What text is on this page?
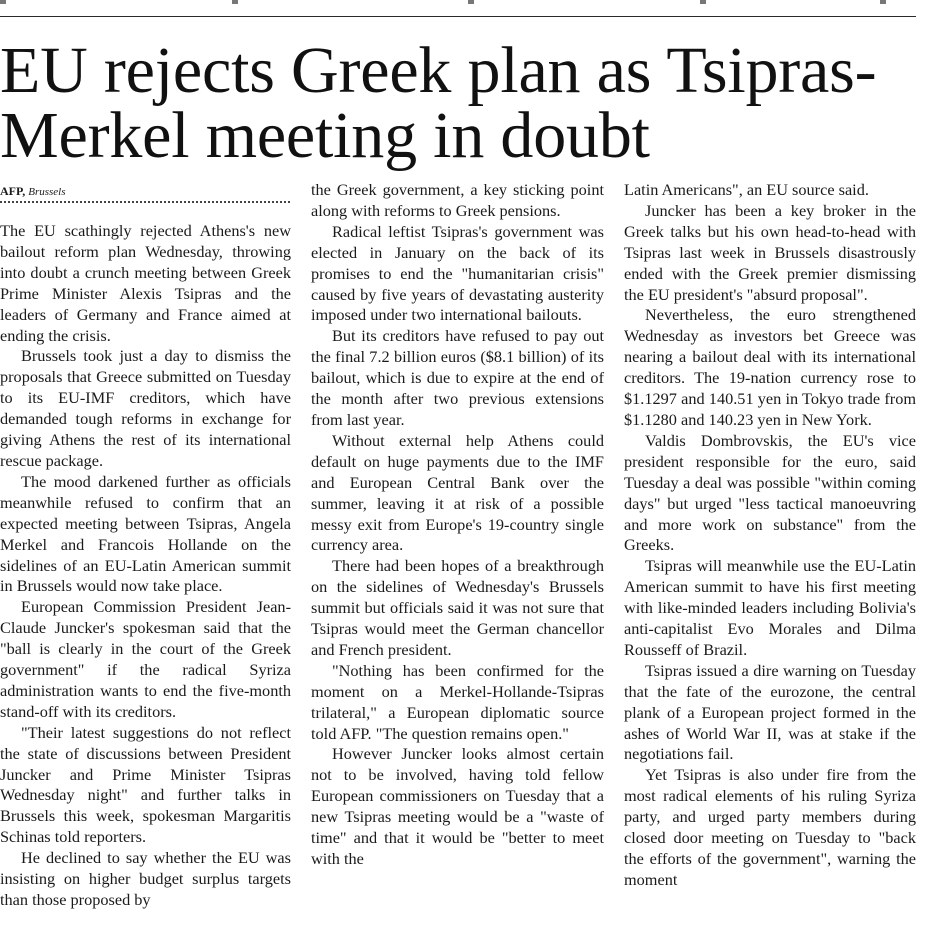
EU rejects Greek plan as Tsipras-Merkel meeting in doubt
AFP, Brussels

The EU scathingly rejected Athens's new bailout reform plan Wednesday, throwing into doubt a crunch meeting between Greek Prime Minister Alexis Tsipras and the leaders of Germany and France aimed at ending the crisis.

Brussels took just a day to dismiss the proposals that Greece submitted on Tuesday to its EU-IMF creditors, which have demanded tough reforms in exchange for giving Athens the rest of its international rescue package.

The mood darkened further as officials meanwhile refused to confirm that an expected meeting between Tsipras, Angela Merkel and Francois Hollande on the sidelines of an EU-Latin American summit in Brussels would now take place.

European Commission President Jean-Claude Juncker's spokesman said that the "ball is clearly in the court of the Greek government" if the radical Syriza administration wants to end the five-month stand-off with its creditors.

"Their latest suggestions do not reflect the state of discussions between President Juncker and Prime Minister Tsipras Wednesday night" and further talks in Brussels this week, spokesman Margaritis Schinas told reporters.

He declined to say whether the EU was insisting on higher budget surplus targets than those proposed by

the Greek government, a key sticking point along with reforms to Greek pensions.

Radical leftist Tsipras's government was elected in January on the back of its promises to end the "humanitarian crisis" caused by five years of devastating austerity imposed under two international bailouts.

But its creditors have refused to pay out the final 7.2 billion euros ($8.1 billion) of its bailout, which is due to expire at the end of the month after two previous extensions from last year.

Without external help Athens could default on huge payments due to the IMF and European Central Bank over the summer, leaving it at risk of a possible messy exit from Europe's 19-country single currency area.

There had been hopes of a breakthrough on the sidelines of Wednesday's Brussels summit but officials said it was not sure that Tsipras would meet the German chancellor and French president.

"Nothing has been confirmed for the moment on a Merkel-Hollande-Tsipras trilateral," a European diplomatic source told AFP. "The question remains open."

However Juncker looks almost certain not to be involved, having told fellow European commissioners on Tuesday that a new Tsipras meeting would be a "waste of time" and that it would be "better to meet with the

Latin Americans", an EU source said.

Juncker has been a key broker in the Greek talks but his own head-to-head with Tsipras last week in Brussels disastrously ended with the Greek premier dismissing the EU president's "absurd proposal".

Nevertheless, the euro strengthened Wednesday as investors bet Greece was nearing a bailout deal with its international creditors. The 19-nation currency rose to $1.1297 and 140.51 yen in Tokyo trade from $1.1280 and 140.23 yen in New York.

Valdis Dombrovskis, the EU's vice president responsible for the euro, said Tuesday a deal was possible "within coming days" but urged "less tactical manoeuvring and more work on substance" from the Greeks.

Tsipras will meanwhile use the EU-Latin American summit to have his first meeting with like-minded leaders including Bolivia's anti-capitalist Evo Morales and Dilma Rousseff of Brazil.

Tsipras issued a dire warning on Tuesday that the fate of the eurozone, the central plank of a European project formed in the ashes of World War II, was at stake if the negotiations fail.

Yet Tsipras is also under fire from the most radical elements of his ruling Syriza party, and urged party members during closed door meeting on Tuesday to "back the efforts of the government", warning the moment
